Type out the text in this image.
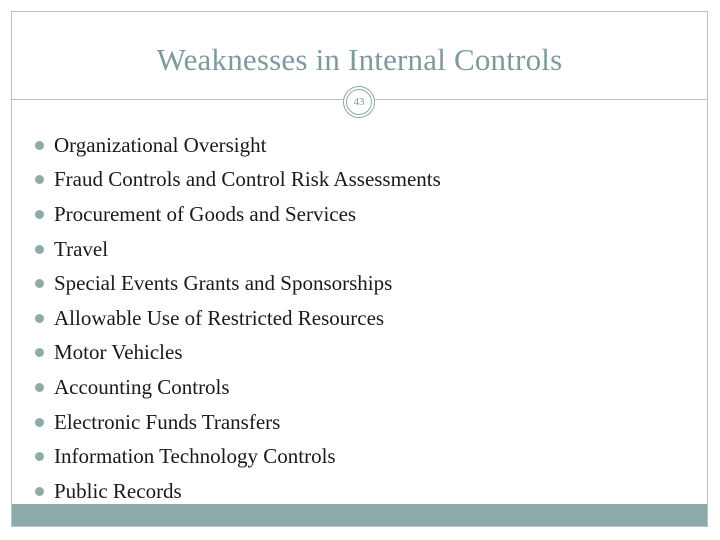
Weaknesses in Internal Controls
43
Organizational Oversight
Fraud Controls and Control Risk Assessments
Procurement of Goods and Services
Travel
Special Events Grants and Sponsorships
Allowable Use of Restricted Resources
Motor Vehicles
Accounting Controls
Electronic Funds Transfers
Information Technology Controls
Public Records
